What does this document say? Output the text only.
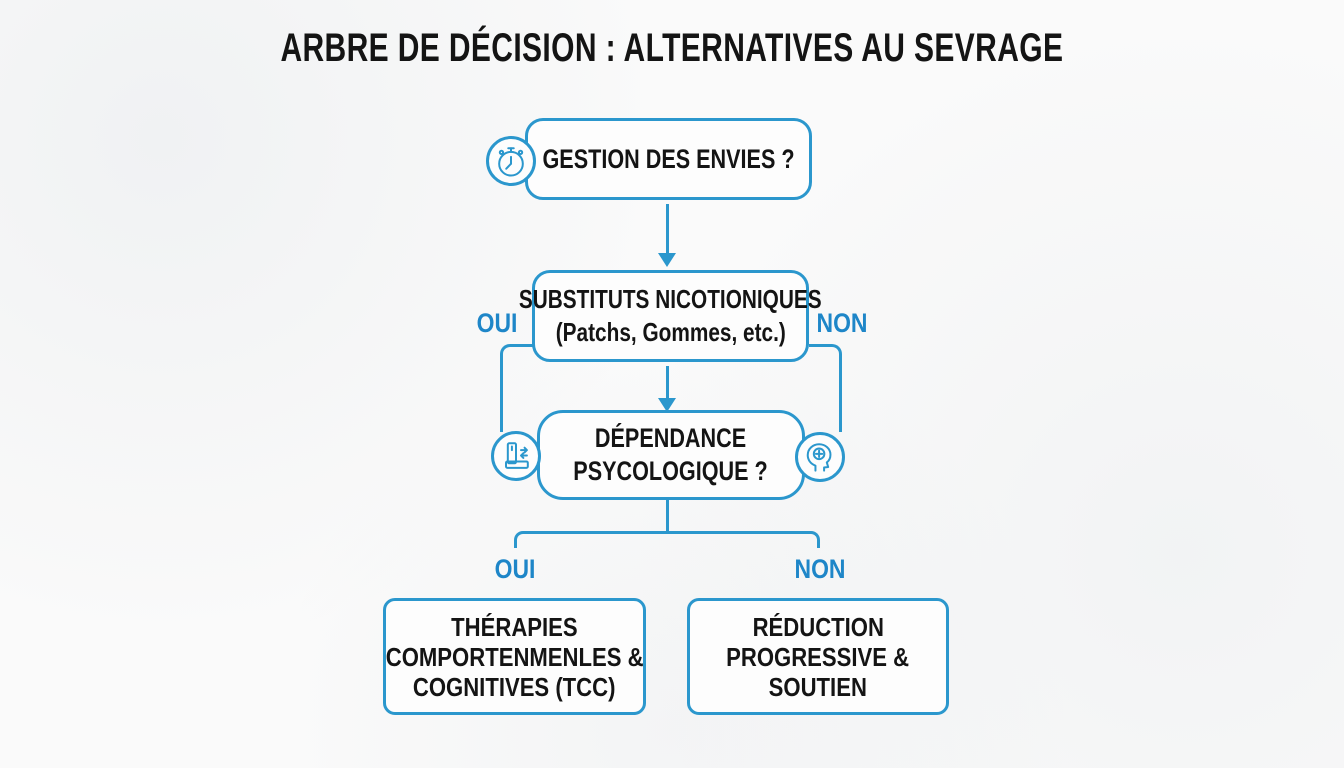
ARBRE DE DÉCISION : ALTERNATIVES AU SEVRAGE
GESTION DES ENVIES ?
SUBSTITUTS NICOTIONIQUES
(Patchs, Gommes, etc.)
OUI	NON
DÉPENDANCE
PSYCOLOGIQUE ?
OUI	NON
THÉRAPIES
COMPORTENMENLES &
COGNITIVES (TCC)
RÉDUCTION
PROGRESSIVE &
SOUTIEN
